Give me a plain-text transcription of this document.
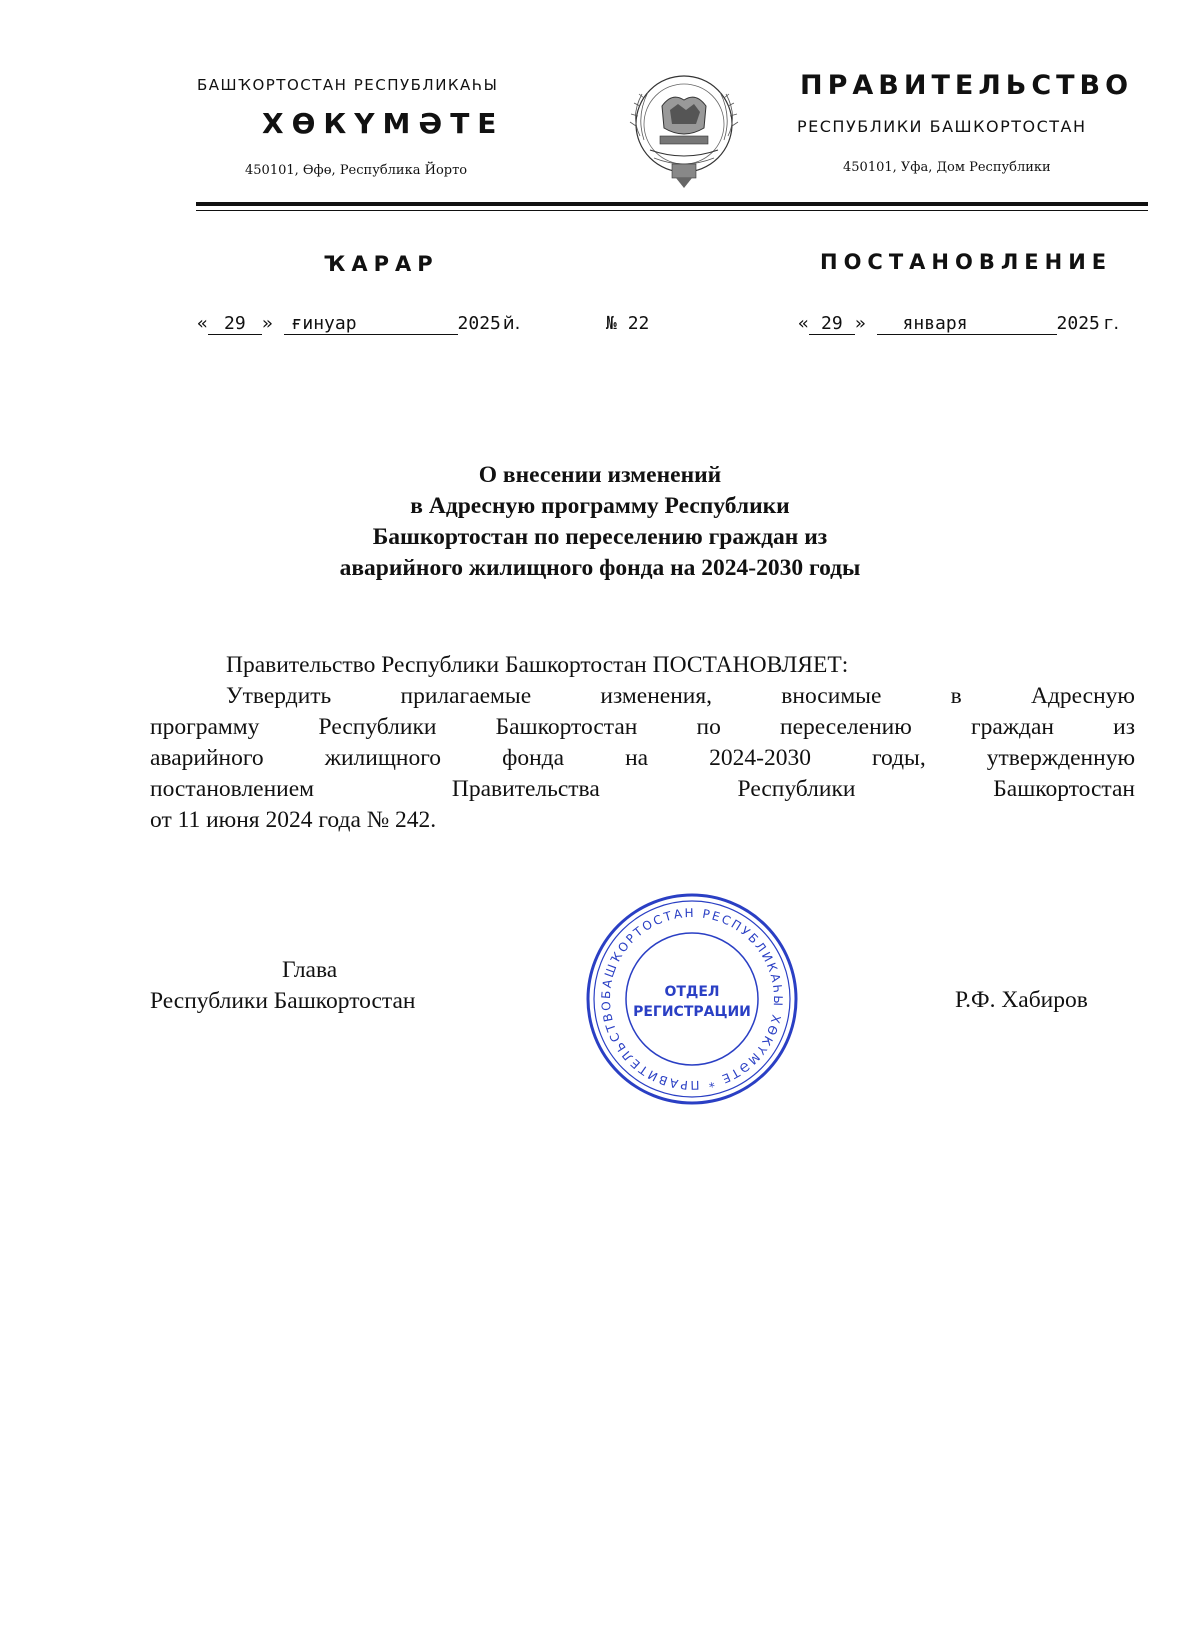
БАШҠОРТОСТАН РЕСПУБЛИКАҺЫ
ХӨКҮМӘТЕ
450101, Өфө, Республика Йорто
ПРАВИТЕЛЬСТВО
РЕСПУБЛИКИ БАШКОРТОСТАН
450101, Уфа, Дом Республики
ҠАРАР	ПОСТАНОВЛЕНИЕ
« 29 » ғинуар	2025 й.	№ 22	« 29 » января	2025 г.
О внесении изменений
в Адресную программу Республики
Башкортостан по переселению граждан из
аварийного жилищного фонда на 2024-2030 годы
Правительство Республики Башкортостан ПОСТАНОВЛЯЕТ:
Утвердить прилагаемые изменения, вносимые в Адресную
программу Республики Башкортостан по переселению граждан из
аварийного жилищного фонда на 2024-2030 годы, утвержденную
постановлением Правительства Республики Башкортостан
от 11 июня 2024 года № 242.
Глава
Республики Башкортостан	Р.Ф. Хабиров
БАШҠОРТОСТАН РЕСПУБЛИКАҺЫ ХӨКҮМӘТЕ * ПРАВИТЕЛЬСТВО
ОТДЕЛ
РЕГИСТРАЦИИ
